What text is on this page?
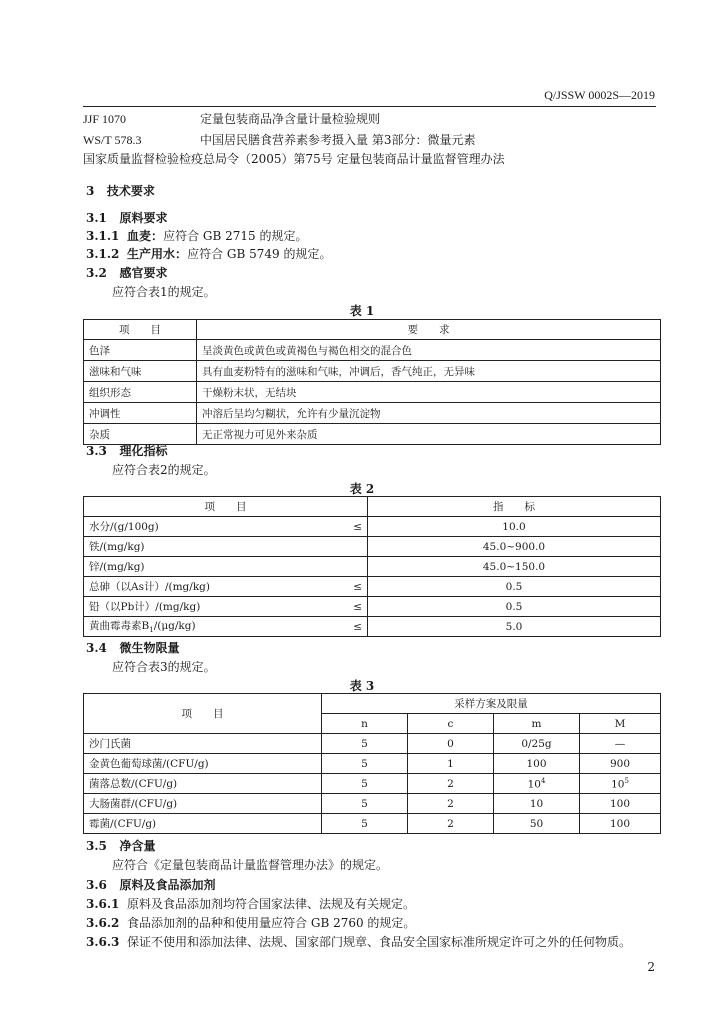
Q/JSSW 0002S—2019
JJF 1070	定量包装商品净含量计量检验规则
WS/T 578.3	中国居民膳食营养素参考摄入量 第3部分：微量元素
国家质量监督检验检疫总局令（2005）第75号 定量包装商品计量监督管理办法
3 技术要求
3.1 原料要求
3.1.1 血麦：应符合 GB 2715 的规定。
3.1.2 生产用水：应符合 GB 5749 的规定。
3.2 感官要求
应符合表1的规定。
表 1
项　　目	要　　求
色泽	呈淡黄色或黄色或黄褐色与褐色相交的混合色
滋味和气味	具有血麦粉特有的滋味和气味，冲调后，香气纯正，无异味
组织形态	干燥粉末状，无结块
冲调性	冲溶后呈均匀糊状，允许有少量沉淀物
杂质	无正常视力可见外来杂质
3.3 理化指标
应符合表2的规定。
表 2
项　　目		指　　标
水分/(g/100g)	≤	10.0
铁/(mg/kg)		45.0~900.0
锌/(mg/kg)		45.0~150.0
总砷（以As计）/(mg/kg)	≤	0.5
铅（以Pb计）/(mg/kg)	≤	0.5
黄曲霉毒素$B_1/(\mu g/kg)$	≤	5.0
3.4 微生物限量
应符合表3的规定。
表 3
项　　目	采样方案及限量			
	n	c	m	M
沙门氏菌	5	0	0/25g	—
金黄色葡萄球菌/(CFU/g)	5	1	100	900
菌落总数/(CFU/g)	5	2	$10^4$	$10^5$
大肠菌群/(CFU/g)	5	2	10	100
霉菌/(CFU/g)	5	2	50	100
3.5 净含量
应符合《定量包装商品计量监督管理办法》的规定。
3.6 原料及食品添加剂
3.6.1 原料及食品添加剂均符合国家法律、法规及有关规定。
3.6.2 食品添加剂的品种和使用量应符合 GB 2760 的规定。
3.6.3 保证不使用和添加法律、法规、国家部门规章、食品安全国家标准所规定许可之外的任何物质。
2
